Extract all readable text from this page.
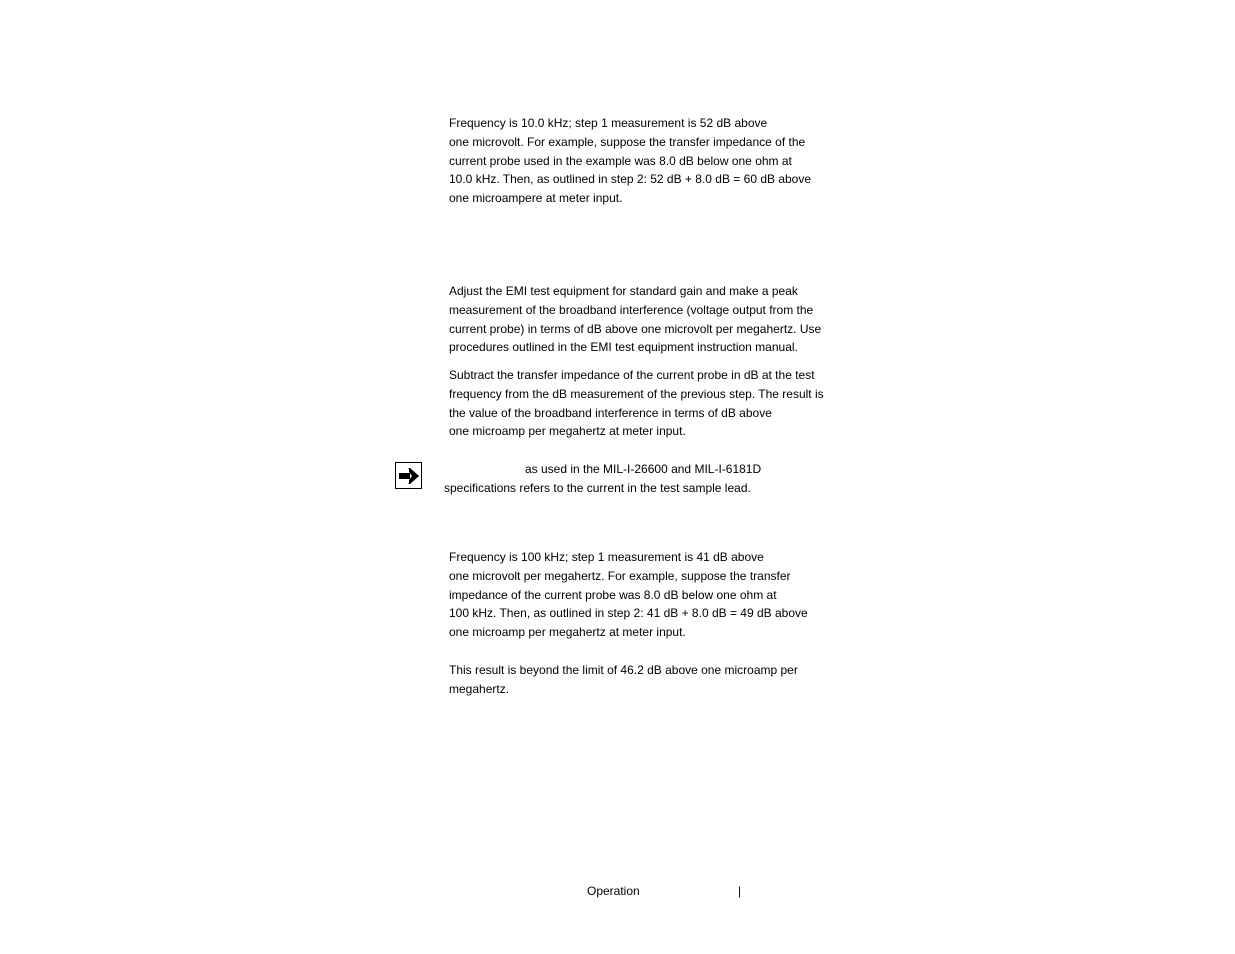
Frequency is 10.0 kHz; step 1 measurement is 52 dB above
one microvolt. For example, suppose the transfer impedance of the
current probe used in the example was 8.0 dB below one ohm at
10.0 kHz. Then, as outlined in step 2: 52 dB + 8.0 dB = 60 dB above
one microampere at meter input.
Adjust the EMI test equipment for standard gain and make a peak
measurement of the broadband interference (voltage output from the
current probe) in terms of dB above one microvolt per megahertz. Use
procedures outlined in the EMI test equipment instruction manual.
Subtract the transfer impedance of the current probe in dB at the test
frequency from the dB measurement of the previous step. The result is
the value of the broadband interference in terms of dB above
one microamp per megahertz at meter input.
as used in the MIL-I-26600 and MIL-I-6181D
specifications refers to the current in the test sample lead.
Frequency is 100 kHz; step 1 measurement is 41 dB above
one microvolt per megahertz. For example, suppose the transfer
impedance of the current probe was 8.0 dB below one ohm at
100 kHz. Then, as outlined in step 2: 41 dB + 8.0 dB = 49 dB above
one microamp per megahertz at meter input.
This result is beyond the limit of 46.2 dB above one microamp per
megahertz.
Operation	|
